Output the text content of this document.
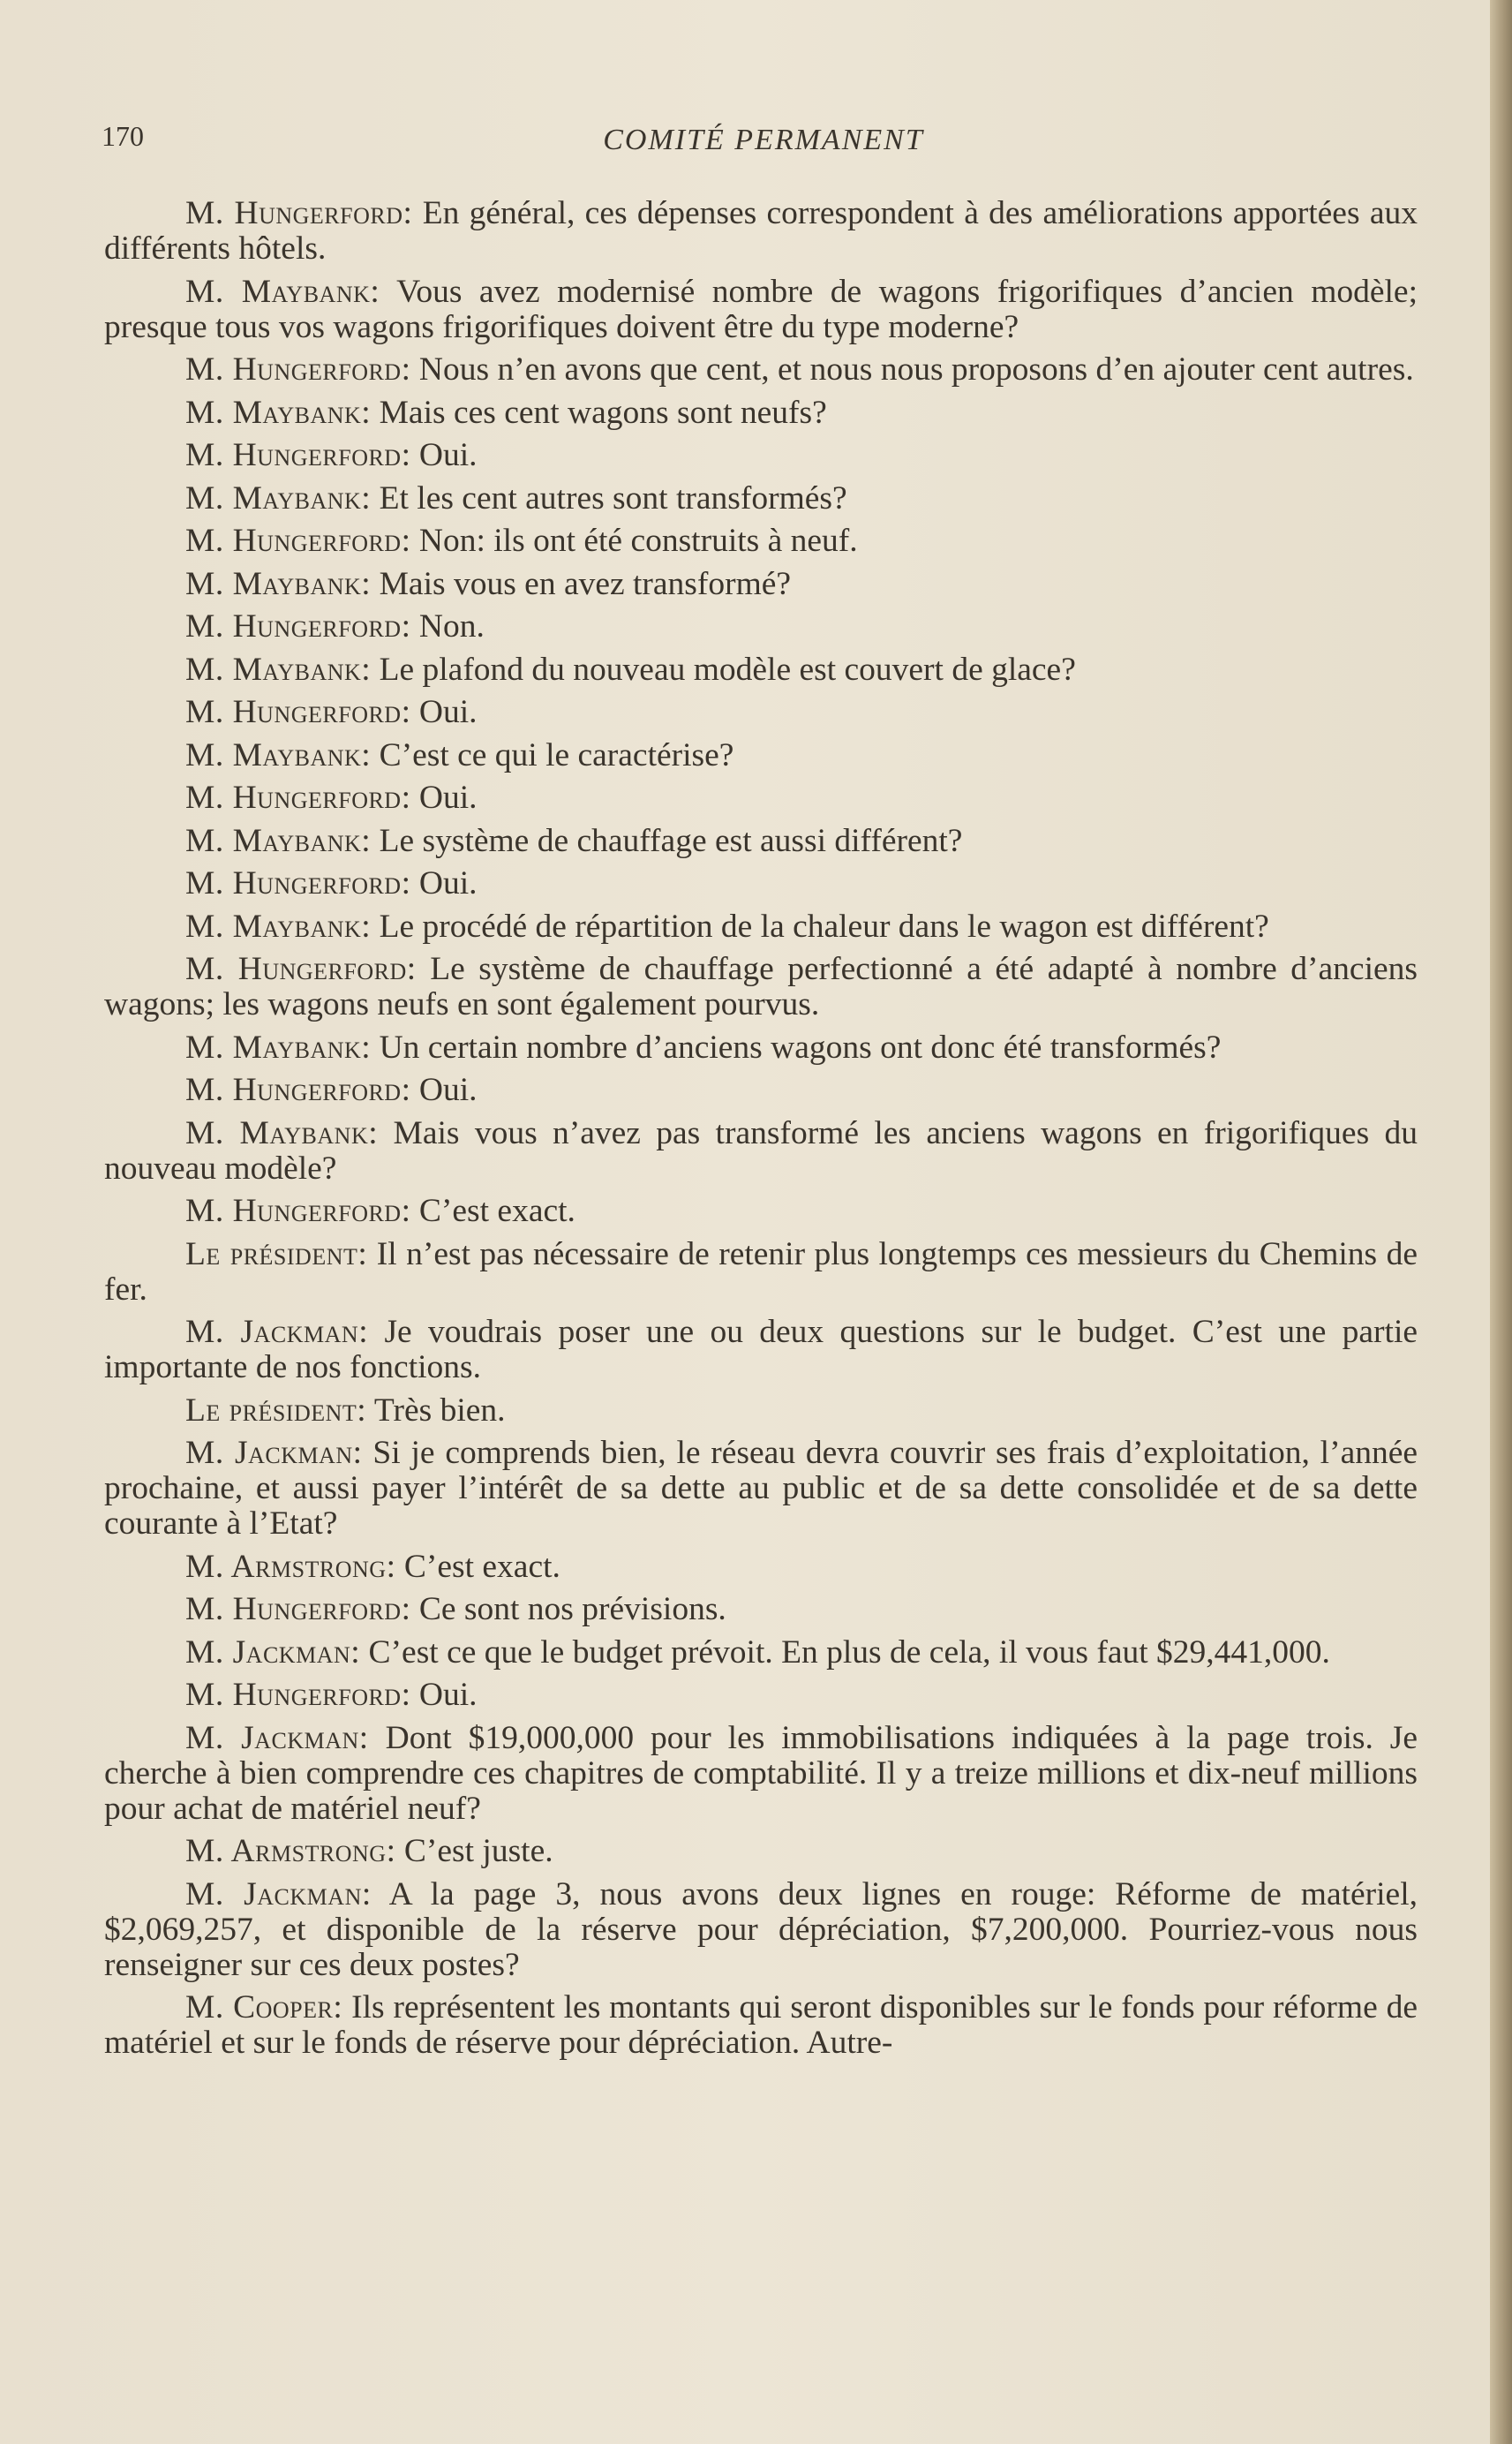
170	COMITÉ PERMANENT

M. Hungerford: En général, ces dépenses correspondent à des améliorations apportées aux différents hôtels.

M. Maybank: Vous avez modernisé nombre de wagons frigorifiques d’ancien modèle; presque tous vos wagons frigorifiques doivent être du type moderne?

M. Hungerford: Nous n’en avons que cent, et nous nous proposons d’en ajouter cent autres.

M. Maybank: Mais ces cent wagons sont neufs?

M. Hungerford: Oui.

M. Maybank: Et les cent autres sont transformés?

M. Hungerford: Non: ils ont été construits à neuf.

M. Maybank: Mais vous en avez transformé?

M. Hungerford: Non.

M. Maybank: Le plafond du nouveau modèle est couvert de glace?

M. Hungerford: Oui.

M. Maybank: C’est ce qui le caractérise?

M. Hungerford: Oui.

M. Maybank: Le système de chauffage est aussi différent?

M. Hungerford: Oui.

M. Maybank: Le procédé de répartition de la chaleur dans le wagon est différent?

M. Hungerford: Le système de chauffage perfectionné a été adapté à nombre d’anciens wagons; les wagons neufs en sont également pourvus.

M. Maybank: Un certain nombre d’anciens wagons ont donc été transformés?

M. Hungerford: Oui.

M. Maybank: Mais vous n’avez pas transformé les anciens wagons en frigorifiques du nouveau modèle?

M. Hungerford: C’est exact.

Le président: Il n’est pas nécessaire de retenir plus longtemps ces messieurs du Chemins de fer.

M. Jackman: Je voudrais poser une ou deux questions sur le budget. C’est une partie importante de nos fonctions.

Le président: Très bien.

M. Jackman: Si je comprends bien, le réseau devra couvrir ses frais d’exploitation, l’année prochaine, et aussi payer l’intérêt de sa dette au public et de sa dette consolidée et de sa dette courante à l’Etat?

M. Armstrong: C’est exact.

M. Hungerford: Ce sont nos prévisions.

M. Jackman: C’est ce que le budget prévoit. En plus de cela, il vous faut $29,441,000.

M. Hungerford: Oui.

M. Jackman: Dont $19,000,000 pour les immobilisations indiquées à la page trois. Je cherche à bien comprendre ces chapitres de comptabilité. Il y a treize millions et dix-neuf millions pour achat de matériel neuf?

M. Armstrong: C’est juste.

M. Jackman: A la page 3, nous avons deux lignes en rouge: Réforme de matériel, $2,069,257, et disponible de la réserve pour dépréciation, $7,200,000. Pourriez-vous nous renseigner sur ces deux postes?

M. Cooper: Ils représentent les montants qui seront disponibles sur le fonds pour réforme de matériel et sur le fonds de réserve pour dépréciation. Autre-
